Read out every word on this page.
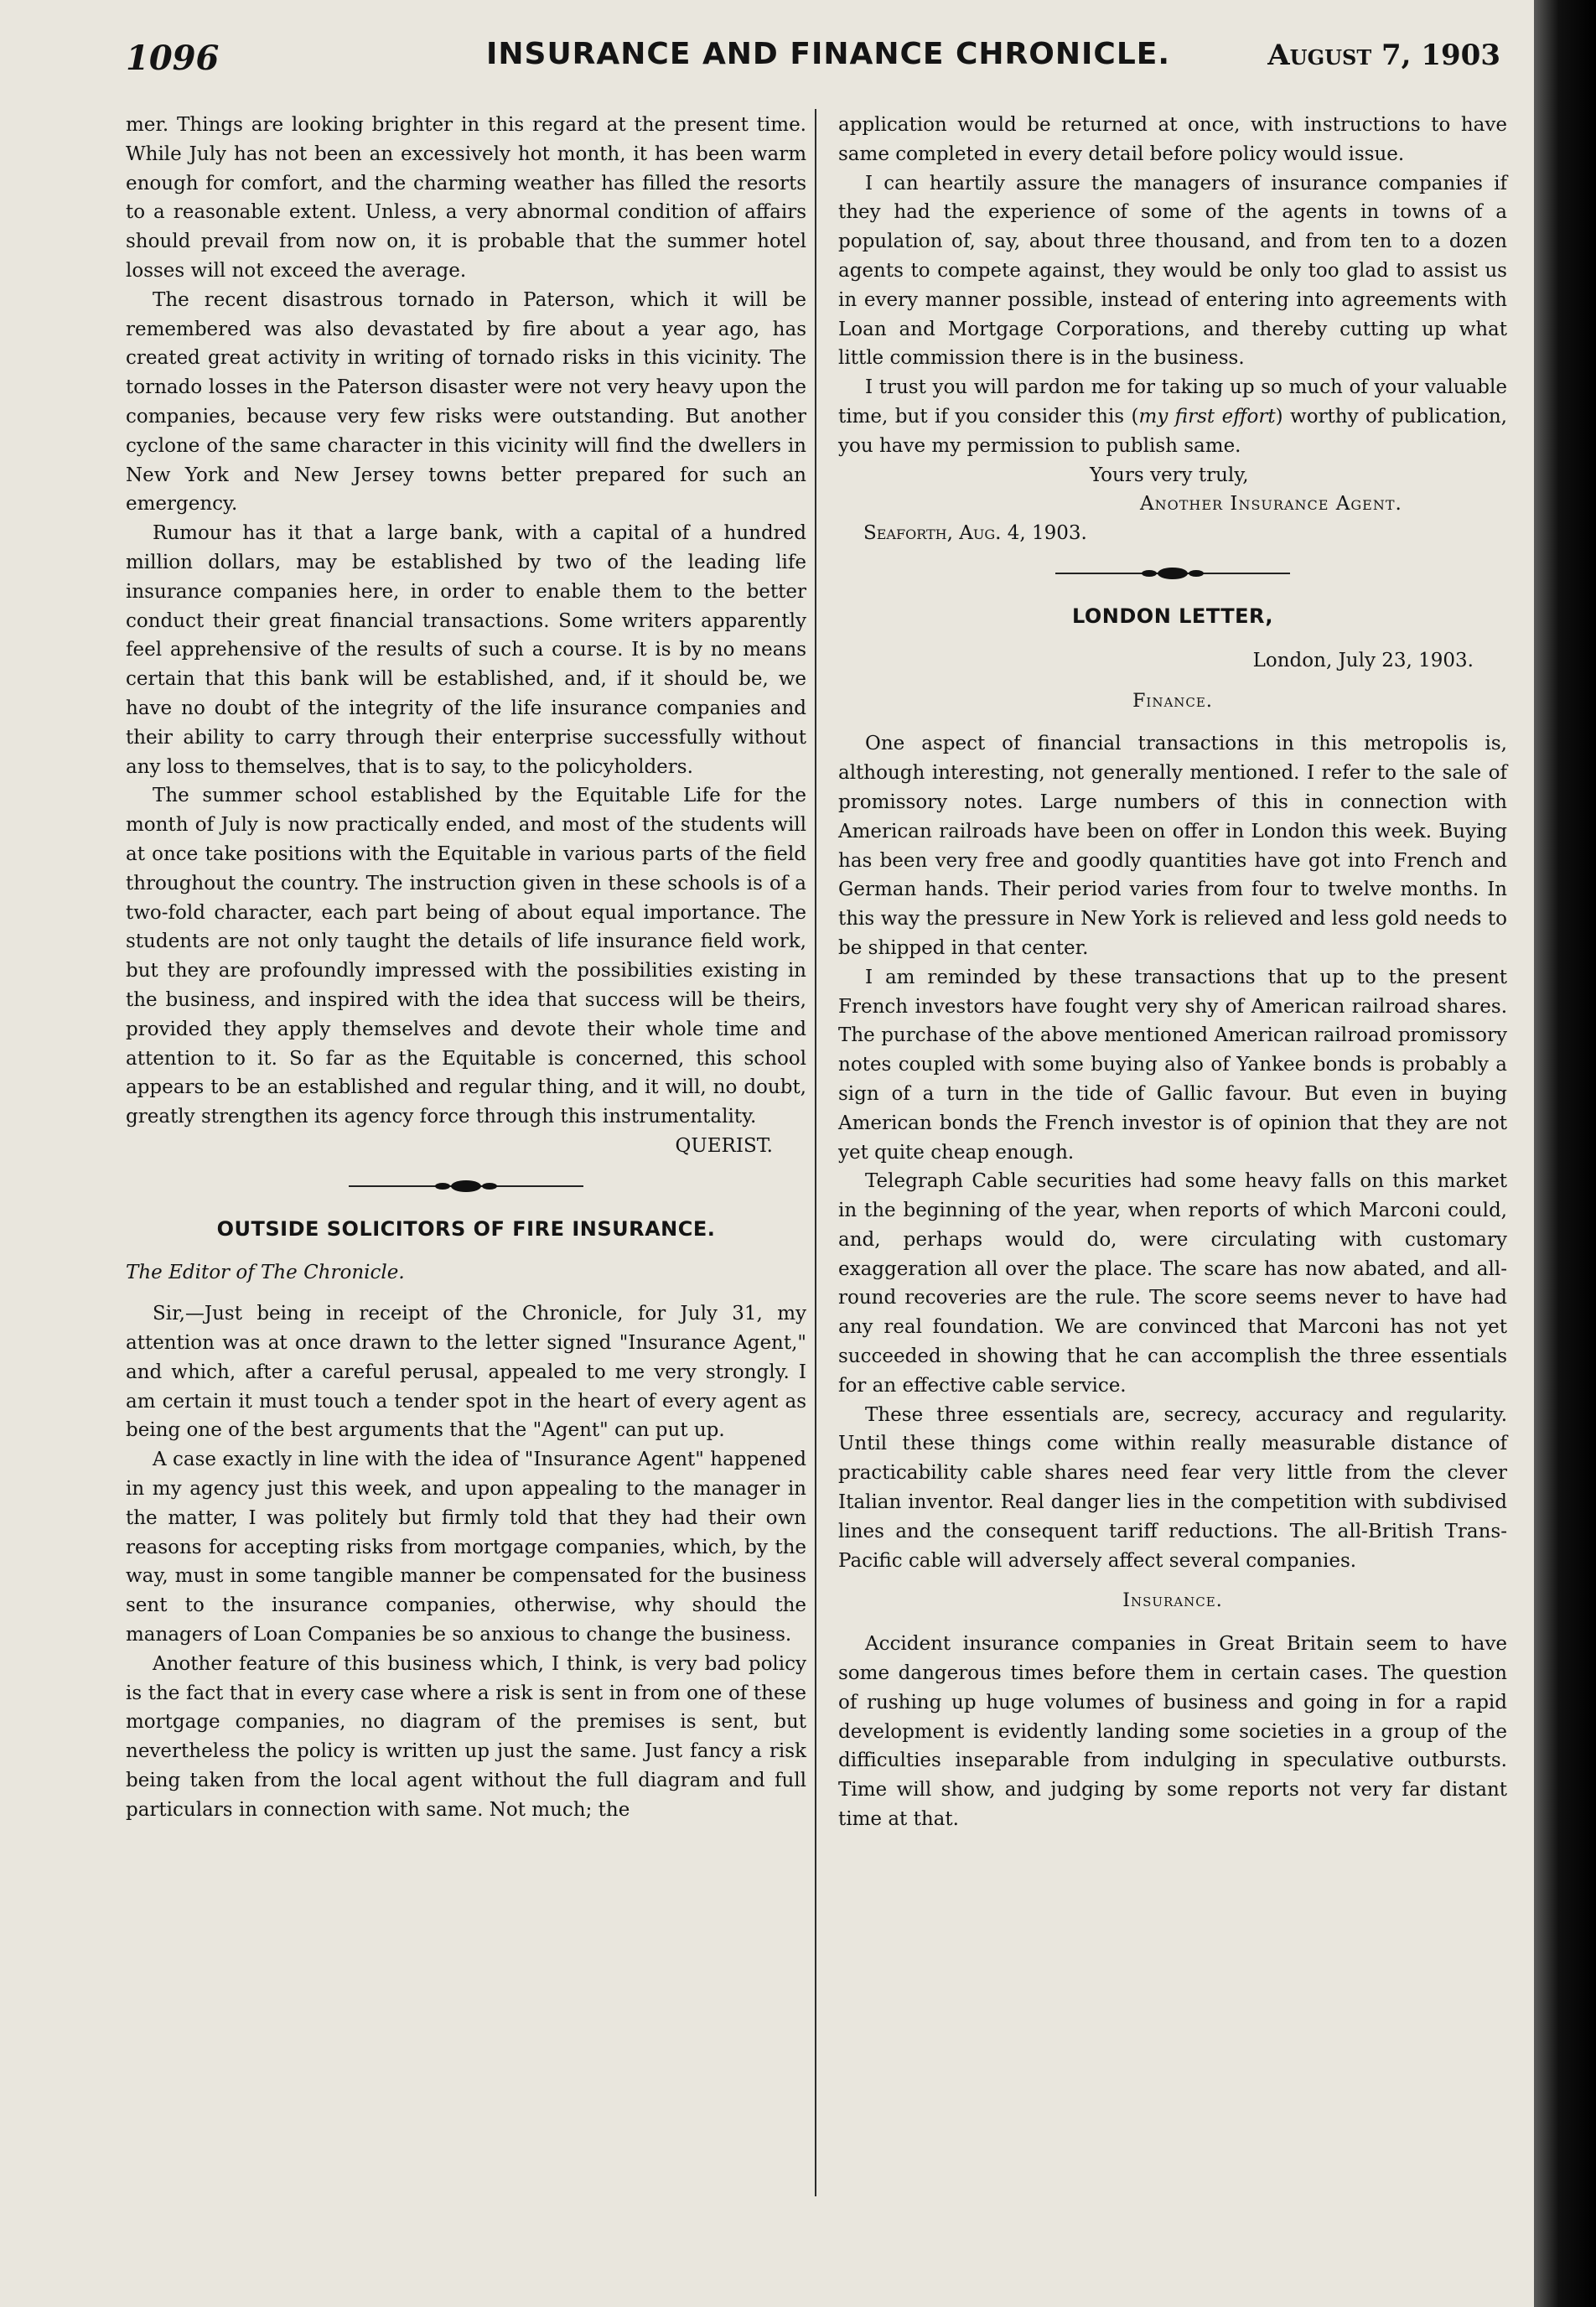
1096	INSURANCE AND FINANCE CHRONICLE.	August 7, 1903

mer. Things are looking brighter in this regard at the present time. While July has not been an excessively hot month, it has been warm enough for comfort, and the charming weather has filled the resorts to a reasonable extent. Unless, a very abnormal condition of affairs should prevail from now on, it is probable that the summer hotel losses will not exceed the average.

The recent disastrous tornado in Paterson, which it will be remembered was also devastated by fire about a year ago, has created great activity in writing of tornado risks in this vicinity. The tornado losses in the Paterson disaster were not very heavy upon the companies, because very few risks were outstanding. But another cyclone of the same character in this vicinity will find the dwellers in New York and New Jersey towns better prepared for such an emergency.

Rumour has it that a large bank, with a capital of a hundred million dollars, may be established by two of the leading life insurance companies here, in order to enable them to the better conduct their great financial transactions. Some writers apparently feel apprehensive of the results of such a course. It is by no means certain that this bank will be established, and, if it should be, we have no doubt of the integrity of the life insurance companies and their ability to carry through their enterprise successfully without any loss to themselves, that is to say, to the policyholders.

The summer school established by the Equitable Life for the month of July is now practically ended, and most of the students will at once take positions with the Equitable in various parts of the field throughout the country. The instruction given in these schools is of a two-fold character, each part being of about equal importance. The students are not only taught the details of life insurance field work, but they are profoundly impressed with the possibilities existing in the business, and inspired with the idea that success will be theirs, provided they apply themselves and devote their whole time and attention to it. So far as the Equitable is concerned, this school appears to be an established and regular thing, and it will, no doubt, greatly strengthen its agency force through this instrumentality.

QUERIST.

OUTSIDE SOLICITORS OF FIRE INSURANCE.

The Editor of The Chronicle.

Sir,—Just being in receipt of the Chronicle, for July 31, my attention was at once drawn to the letter signed "Insurance Agent," and which, after a careful perusal, appealed to me very strongly. I am certain it must touch a tender spot in the heart of every agent as being one of the best arguments that the "Agent" can put up.

A case exactly in line with the idea of "Insurance Agent" happened in my agency just this week, and upon appealing to the manager in the matter, I was politely but firmly told that they had their own reasons for accepting risks from mortgage companies, which, by the way, must in some tangible manner be compensated for the business sent to the insurance companies, otherwise, why should the managers of Loan Companies be so anxious to change the business.

Another feature of this business which, I think, is very bad policy is the fact that in every case where a risk is sent in from one of these mortgage companies, no diagram of the premises is sent, but nevertheless the policy is written up just the same. Just fancy a risk being taken from the local agent without the full diagram and full particulars in connection with same. Not much; the

application would be returned at once, with instructions to have same completed in every detail before policy would issue.

I can heartily assure the managers of insurance companies if they had the experience of some of the agents in towns of a population of, say, about three thousand, and from ten to a dozen agents to compete against, they would be only too glad to assist us in every manner possible, instead of entering into agreements with Loan and Mortgage Corporations, and thereby cutting up what little commission there is in the business.

I trust you will pardon me for taking up so much of your valuable time, but if you consider this (my first effort) worthy of publication, you have my permission to publish same.

Yours very truly,

Another Insurance Agent.

Seaforth, Aug. 4, 1903.

LONDON LETTER,

London, July 23, 1903.

Finance.

One aspect of financial transactions in this metropolis is, although interesting, not generally mentioned. I refer to the sale of promissory notes. Large numbers of this in connection with American railroads have been on offer in London this week. Buying has been very free and goodly quantities have got into French and German hands. Their period varies from four to twelve months. In this way the pressure in New York is relieved and less gold needs to be shipped in that center.

I am reminded by these transactions that up to the present French investors have fought very shy of American railroad shares. The purchase of the above mentioned American railroad promissory notes coupled with some buying also of Yankee bonds is probably a sign of a turn in the tide of Gallic favour. But even in buying American bonds the French investor is of opinion that they are not yet quite cheap enough.

Telegraph Cable securities had some heavy falls on this market in the beginning of the year, when reports of which Marconi could, and, perhaps would do, were circulating with customary exaggeration all over the place. The scare has now abated, and all-round recoveries are the rule. The score seems never to have had any real foundation. We are convinced that Marconi has not yet succeeded in showing that he can accomplish the three essentials for an effective cable service.

These three essentials are, secrecy, accuracy and regularity. Until these things come within really measurable distance of practicability cable shares need fear very little from the clever Italian inventor. Real danger lies in the competition with subdivised lines and the consequent tariff reductions. The all-British Trans-Pacific cable will adversely affect several companies.

Insurance.

Accident insurance companies in Great Britain seem to have some dangerous times before them in certain cases. The question of rushing up huge volumes of business and going in for a rapid development is evidently landing some societies in a group of the difficulties inseparable from indulging in speculative outbursts. Time will show, and judging by some reports not very far distant time at that.
